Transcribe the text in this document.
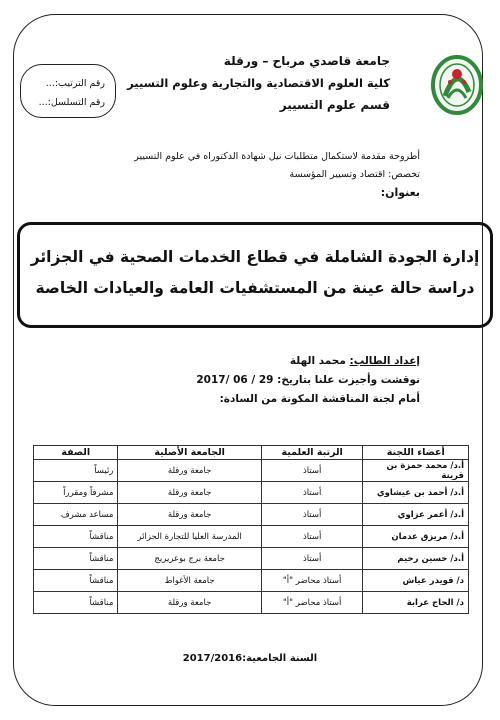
جامعة قاصدي مرباح – ورقلة
كلية العلوم الاقتصادية والتجارية وعلوم التسيير
قسم علوم التسيير
رقم الترتيب:...
رقم التسلسل:...
أطروحة مقدمة لاستكمال متطلبات نيل شهادة الدكتوراه في علوم التسيير
تخصص: اقتصاد وتسيير المؤسسة
بعنوان:
إدارة الجودة الشاملة في قطاع الخدمات الصحية في الجزائر
دراسة حالة عينة من المستشفيات العامة والعيادات الخاصة
إعداد الطالب: محمد الهلة
نوقشت وأجيزت علنا بتاريخ: 29 / 06 /2017
أمام لجنة المناقشة المكونة من السادة:
أعضاء اللجنة	الرتبة العلمية	الجامعة الأصلية	الصفة
أ.د/ محمد حمزة بن قرينة	أستاذ	جامعة ورقلة	رئيساً
أ.د/ أحمد بن عيشاوي	أستاذ	جامعة ورقلة	مشرفاً ومقرراً
أ.د/ أعمر عزاوي	أستاذ	جامعة ورقلة	مساعد مشرف
أ.د/ مريزق عدمان	أستاذ	المدرسة العليا للتجارة الجزائر	مناقشاً
أ.د/ حسين رحيم	أستاذ	جامعة برج بوعريريج	مناقشاً
د/ قويدر عياش	أستاذ محاضر "أ"	جامعة الأغواط	مناقشاً
د/ الحاج عرابة	أستاذ محاضر "أ"	جامعة ورقلة	مناقشاً
السنة الجامعية:2017/2016
